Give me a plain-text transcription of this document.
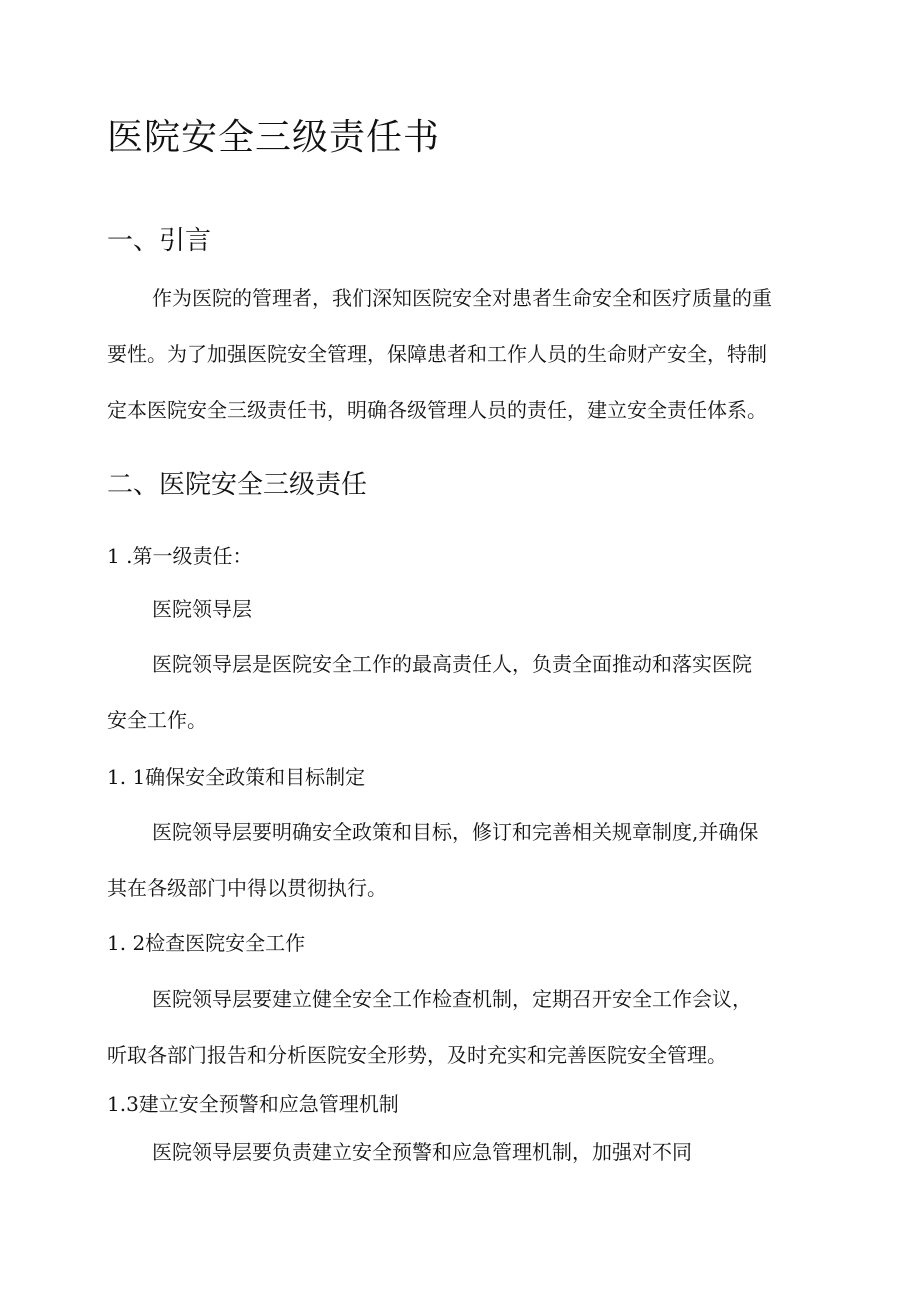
医院安全三级责任书
一、引言
作为医院的管理者，我们深知医院安全对患者生命安全和医疗质量的重
要性。为了加强医院安全管理，保障患者和工作人员的生命财产安全，特制
定本医院安全三级责任书，明确各级管理人员的责任，建立安全责任体系。
二、医院安全三级责任
1 .第一级责任：
医院领导层
医院领导层是医院安全工作的最高责任人，负责全面推动和落实医院
安全工作。
1. 1确保安全政策和目标制定
医院领导层要明确安全政策和目标，修订和完善相关规章制度,并确保
其在各级部门中得以贯彻执行。
1. 2检查医院安全工作
医院领导层要建立健全安全工作检查机制，定期召开安全工作会议，
听取各部门报告和分析医院安全形势，及时充实和完善医院安全管理。
1.3建立安全预警和应急管理机制
医院领导层要负责建立安全预警和应急管理机制，加强对不同
